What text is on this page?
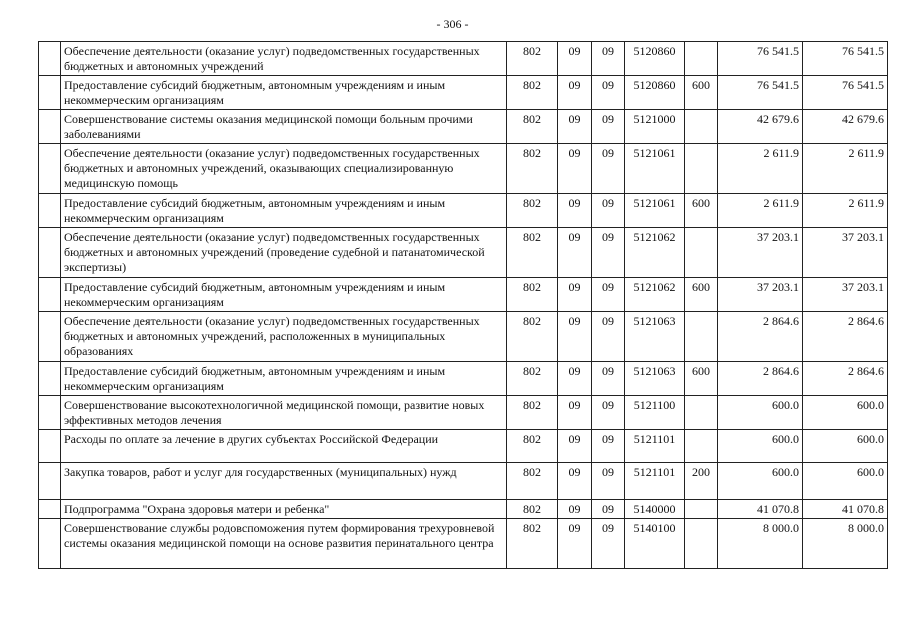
- 306 -
	Обеспечение деятельности (оказание услуг) подведомственных государственных бюджетных и автономных учреждений	802	09	09	5120860		76 541.5	76 541.5
	Предоставление субсидий бюджетным, автономным учреждениям и иным некоммерческим организациям	802	09	09	5120860	600	76 541.5	76 541.5
	Совершенствование системы оказания медицинской помощи больным прочими заболеваниями	802	09	09	5121000		42 679.6	42 679.6
	Обеспечение деятельности (оказание услуг) подведомственных государственных бюджетных и автономных учреждений, оказывающих специализированную медицинскую помощь	802	09	09	5121061		2 611.9	2 611.9
	Предоставление субсидий бюджетным, автономным учреждениям и иным некоммерческим организациям	802	09	09	5121061	600	2 611.9	2 611.9
	Обеспечение деятельности (оказание услуг) подведомственных государственных бюджетных и автономных учреждений (проведение судебной и патанатомической экспертизы)	802	09	09	5121062		37 203.1	37 203.1
	Предоставление субсидий бюджетным, автономным учреждениям и иным некоммерческим организациям	802	09	09	5121062	600	37 203.1	37 203.1
	Обеспечение деятельности (оказание услуг) подведомственных государственных бюджетных и автономных учреждений, расположенных в муниципальных образованиях	802	09	09	5121063		2 864.6	2 864.6
	Предоставление субсидий бюджетным, автономным учреждениям и иным некоммерческим организациям	802	09	09	5121063	600	2 864.6	2 864.6
	Совершенствование высокотехнологичной медицинской помощи, развитие новых эффективных методов лечения	802	09	09	5121100		600.0	600.0
	Расходы по оплате за лечение в других субъектах Российской Федерации	802	09	09	5121101		600.0	600.0
	Закупка товаров, работ и услуг для государственных (муниципальных) нужд	802	09	09	5121101	200	600.0	600.0
	Подпрограмма "Охрана здоровья матери и ребенка"	802	09	09	5140000		41 070.8	41 070.8
	Совершенствование службы родовспоможения путем формирования трехуровневой системы оказания медицинской помощи на основе развития перинатального центра	802	09	09	5140100		8 000.0	8 000.0
